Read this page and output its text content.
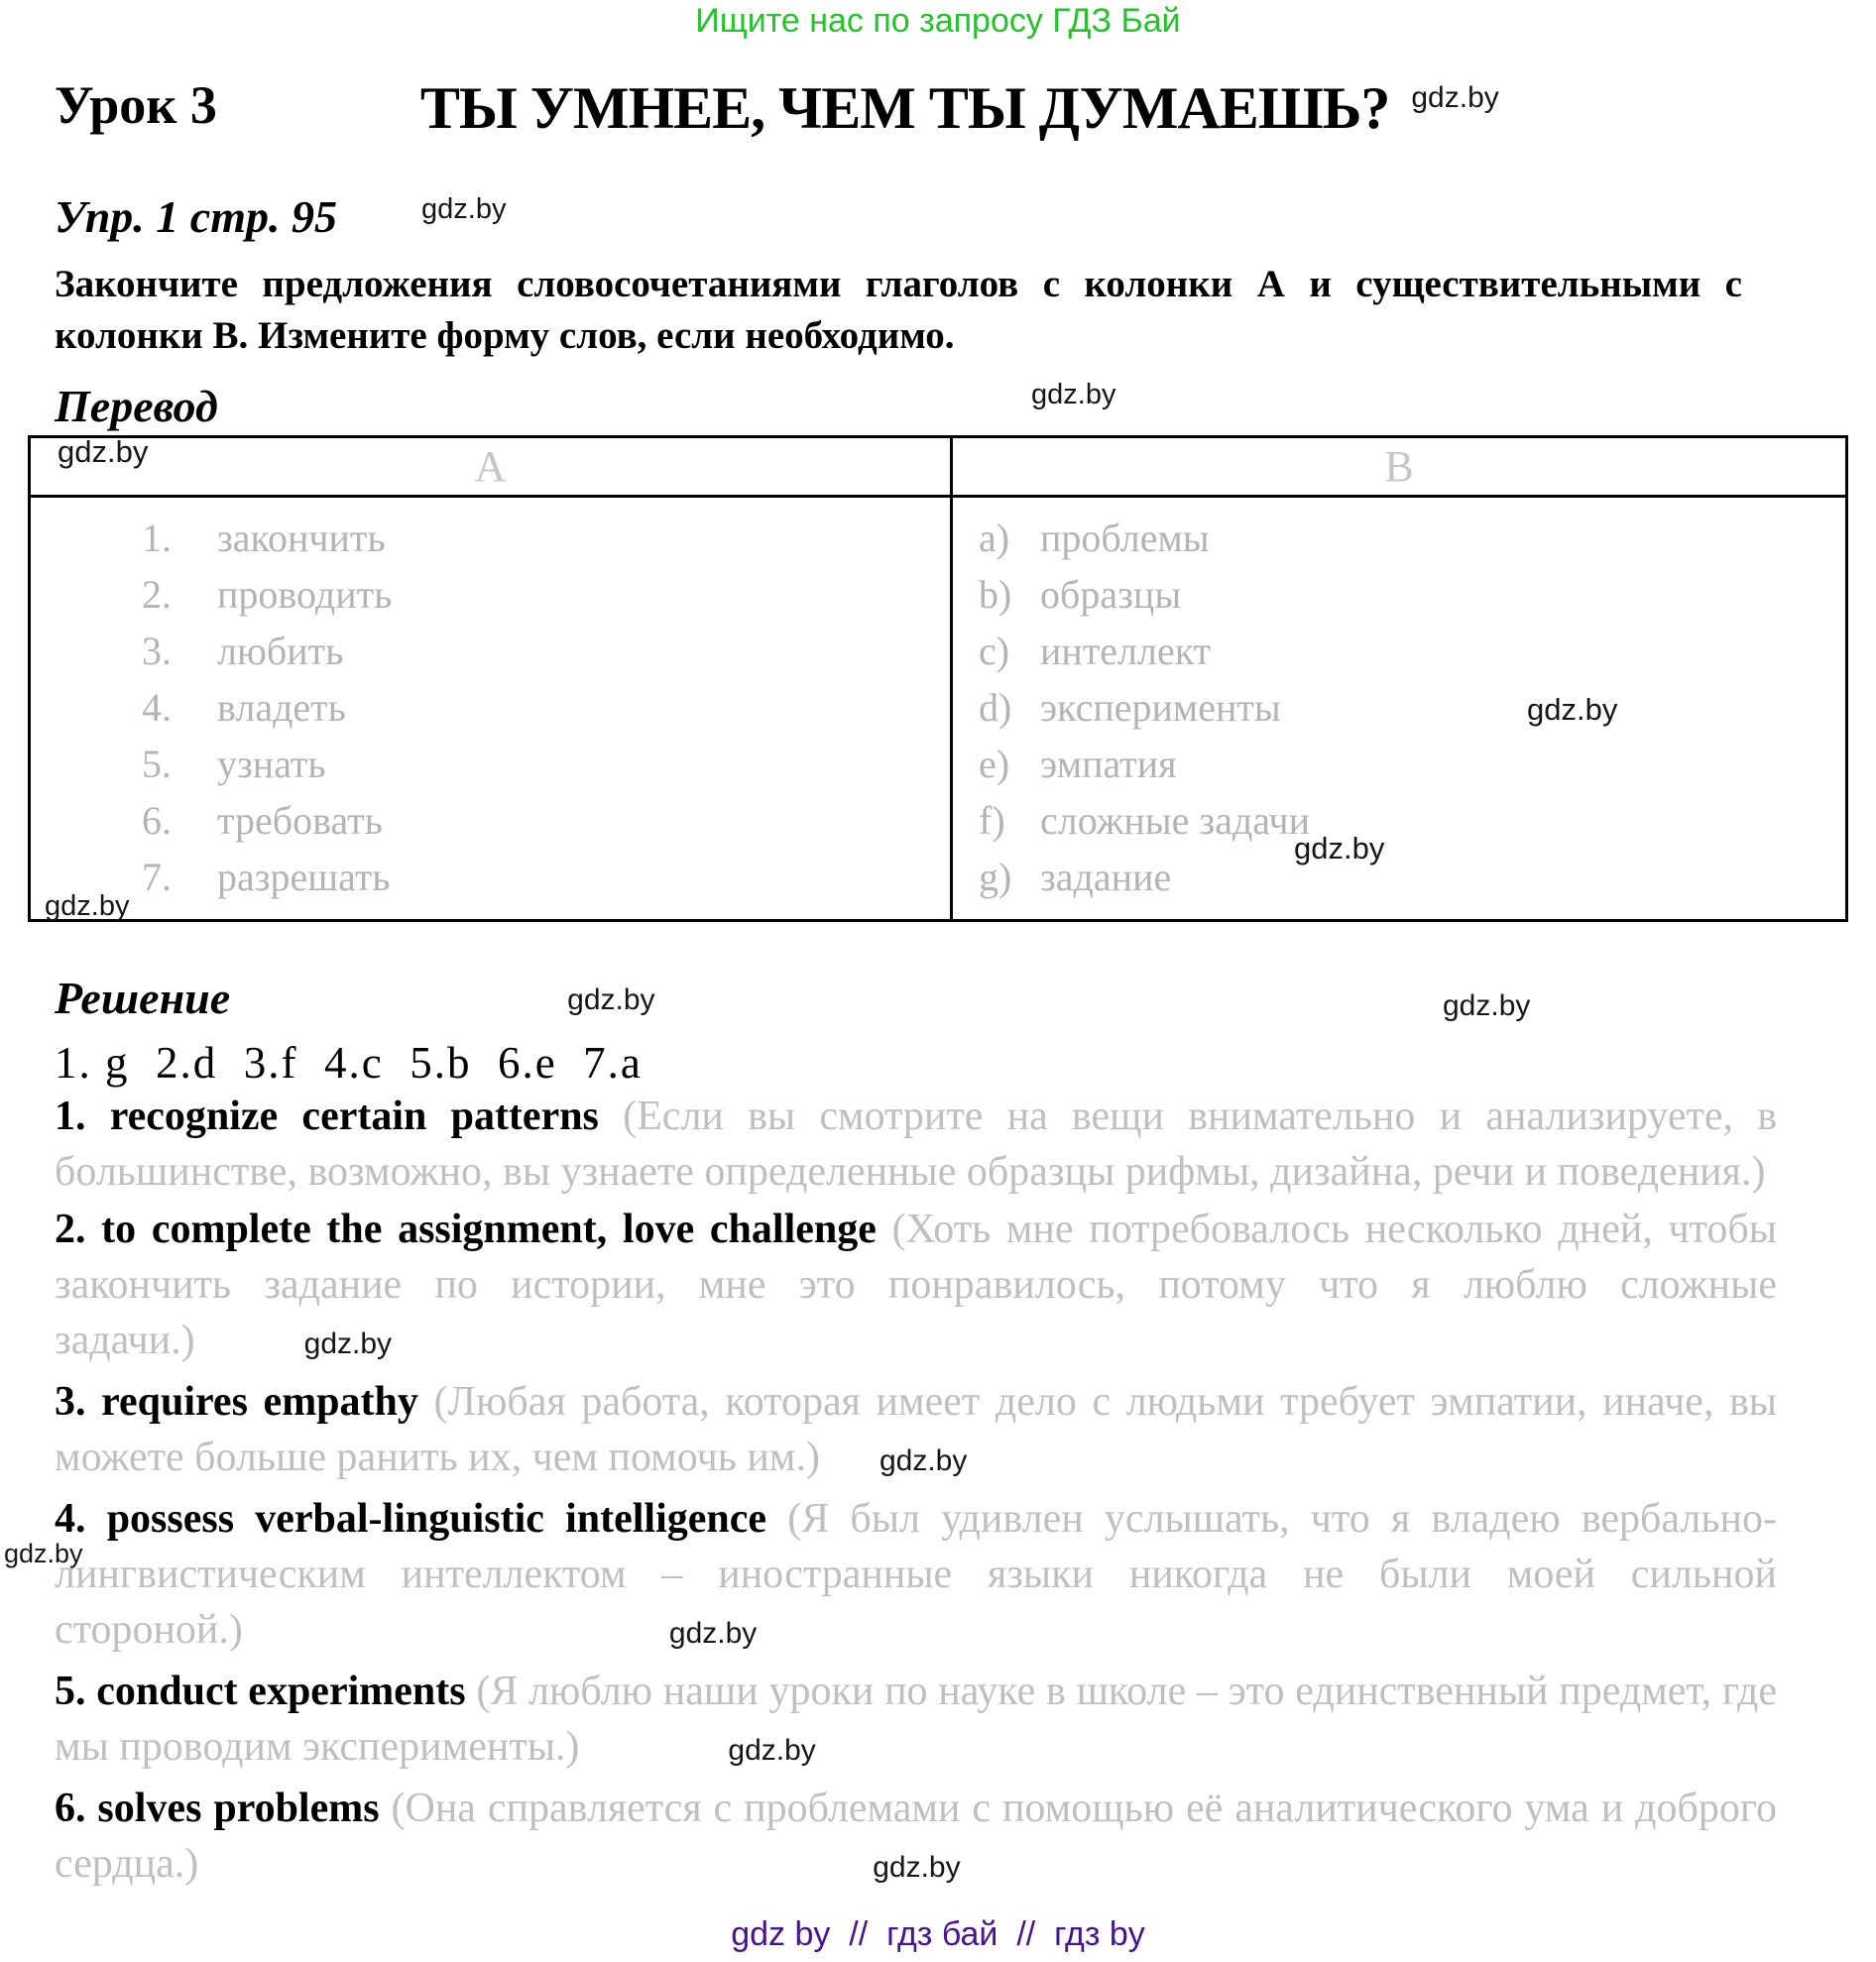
Ищите нас по запросу ГДЗ Бай
Урок 3	ТЫ УМНЕЕ, ЧЕМ ТЫ ДУМАЕШЬ? $^{gdz.by}$
Упр. 1 стр. 95	$^{gdz.by}$

Закончите предложения словосочетаниями глаголов с колонки А и существительными с колонки В. Измените форму слов, если необходимо.

Перевод
А	В

1.	закончить
2.	проводить
3.	любить
4.	владеть
5.	узнать
6.	требовать
7.	разрешать

a) проблемы
b) образцы
c) интеллект
d) эксперименты
e) эмпатия
f) сложные задачи
g) задание
Решение	gdz.by
1. g  2.d  3.f  4.c  5.b  6.e  7.a

1. recognize certain patterns (Если вы смотрите на вещи внимательно и анализируете, в большинстве, возможно, вы узнаете определенные образцы рифмы, дизайна, речи и поведения.)

2. to complete the assignment, love challenge (Хоть мне потребовалось несколько дней, чтобы закончить задание по истории, мне это понравилось, потому что я люблю сложные задачи.)	gdz.by

3. requires empathy (Любая работа, которая имеет дело с людьми требует эмпатии, иначе, вы можете больше ранить их, чем помочь им.) gdz.by

4. possess verbal-linguistic intelligence (Я был удивлен услышать, что я владею вербально-лингвистическим интеллектом – иностранные языки никогда не были моей сильной стороной.)	gdz.by

5. conduct experiments (Я люблю наши уроки по науке в школе – это единственный предмет, где мы проводим эксперименты.)	gdz.by

6. solves problems (Она справляется с проблемами с помощью её аналитического ума и доброго сердца.)	gdz.by

gdz.by
gdz.by
gdz.by
gdz.by
gdz.by
gdz.by
gdz.by
gdz by  //  гдз бай  //  гдз by
